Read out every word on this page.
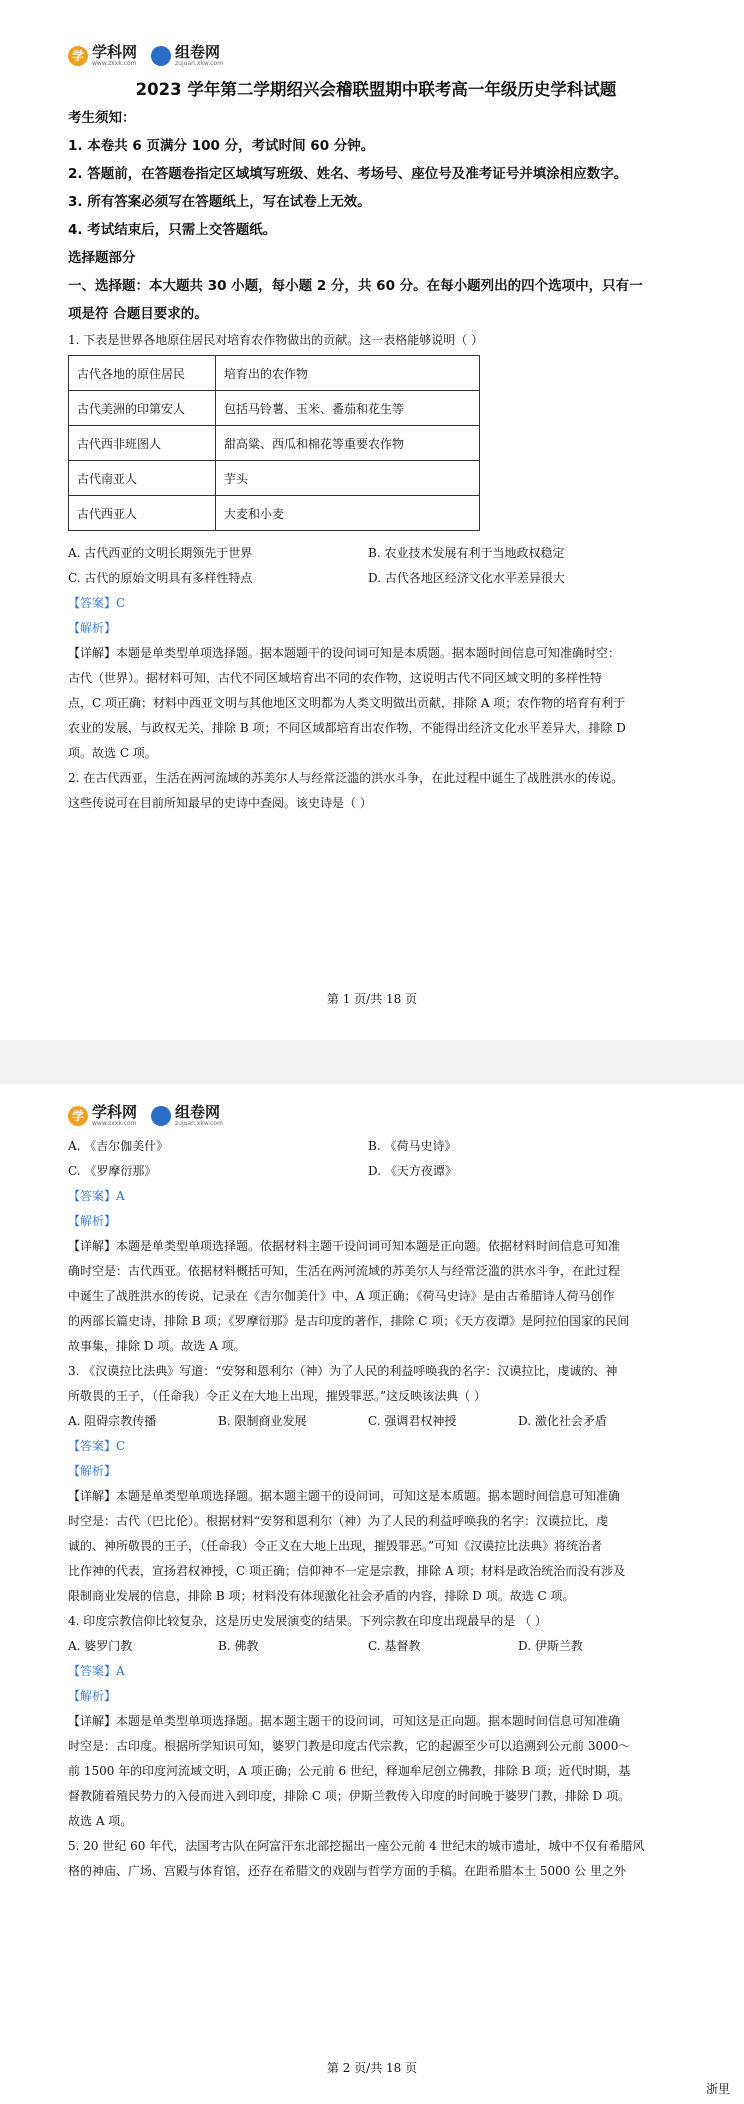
学 学科网
www.zxxk.com
组 组卷网
zujuan.xkw.com

2023 学年第二学期绍兴会稽联盟期中联考高一年级历史学科试题

考生须知：

1. 本卷共 6 页满分 100 分，考试时间 60 分钟。

2. 答题前，在答题卷指定区域填写班级、姓名、考场号、座位号及准考证号并填涂相应数字。

3. 所有答案必须写在答题纸上，写在试卷上无效。

4. 考试结束后，只需上交答题纸。

选择题部分

一、选择题：本大题共 30 小题，每小题 2 分，共 60 分。在每小题列出的四个选项中，只有一

项是符 合题目要求的。

1. 下表是世界各地原住居民对培育农作物做出的贡献。这一表格能够说明（ ）

古代各地的原住居民	培育出的农作物
古代美洲的印第安人	包括马铃薯、玉米、番茄和花生等
古代西非班图人	甜高粱、西瓜和棉花等重要农作物
古代南亚人	芋头
古代西亚人	大麦和小麦
A. 古代西亚的文明长期领先于世界	B. 农业技术发展有利于当地政权稳定
C. 古代的原始文明具有多样性特点	D. 古代各地区经济文化水平差异很大

【答案】C

【解析】

【详解】本题是单类型单项选择题。据本题题干的设问词可知是本质题。据本题时间信息可知准确时空：

古代（世界）。据材料可知，古代不同区域培育出不同的农作物，这说明古代不同区域文明的多样性特

点，C 项正确；材料中西亚文明与其他地区文明都为人类文明做出贡献，排除 A 项；农作物的培育有利于

农业的发展，与政权无关，排除 B 项；不同区域都培育出农作物，不能得出经济文化水平差异大，排除 D

项。故选 C 项。

2. 在古代西亚，生活在两河流域的苏美尔人与经常泛滥的洪水斗争，在此过程中诞生了战胜洪水的传说。

这些传说可在目前所知最早的史诗中查阅。该史诗是（ ）

第 1 页/共 18 页
学 学科网
www.zxxk.com
组 组卷网
zujuan.xkw.com
A. 《吉尔伽美什》	B. 《荷马史诗》
C. 《罗摩衍那》	D. 《天方夜谭》

【答案】A

【解析】

【详解】本题是单类型单项选择题。依据材料主题干设问词可知本题是正向题。依据材料时间信息可知准

确时空是：古代西亚。依据材料概括可知，生活在两河流域的苏美尔人与经常泛滥的洪水斗争，在此过程

中诞生了战胜洪水的传说，记录在《吉尔伽美什》中，A 项正确；《荷马史诗》是由古希腊诗人荷马创作

的两部长篇史诗，排除 B 项；《罗摩衍那》是古印度的著作，排除 C 项；《天方夜谭》是阿拉伯国家的民间

故事集，排除 D 项。故选 A 项。

3. 《汉谟拉比法典》写道：“安努和恩利尔（神）为了人民的利益呼唤我的名字：汉谟拉比，虔诚的、神

所敬畏的王子，（任命我）令正义在大地上出现，摧毁罪恶。”这反映该法典（ ）

A. 阻碍宗教传播	B. 限制商业发展	C. 强调君权神授	D. 激化社会矛盾

【答案】C

【解析】

【详解】本题是单类型单项选择题。据本题主题干的设问词，可知这是本质题。据本题时间信息可知准确

时空是：古代（巴比伦）。根据材料“安努和恩利尔（神）为了人民的利益呼唤我的名字：汉谟拉比，虔

诚的、神所敬畏的王子，（任命我）令正义在大地上出现，摧毁罪恶。”可知《汉谟拉比法典》将统治者

比作神的代表，宣扬君权神授，C 项正确；信仰神不一定是宗教，排除 A 项；材料是政治统治而没有涉及

限制商业发展的信息，排除 B 项；材料没有体现激化社会矛盾的内容，排除 D 项。故选 C 项。

4. 印度宗教信仰比较复杂，这是历史发展演变的结果。下列宗教在印度出现最早的是 （ ）

A. 婆罗门教	B. 佛教	C. 基督教	D. 伊斯兰教

【答案】A

【解析】

【详解】本题是单类型单项选择题。据本题主题干的设问词，可知这是正向题。据本题时间信息可知准确

时空是：古印度。根据所学知识可知，婆罗门教是印度古代宗教，它的起源至少可以追溯到公元前 3000～

前 1500 年的印度河流域文明，A 项正确；公元前 6 世纪，释迦牟尼创立佛教，排除 B 项；近代时期，基

督教随着殖民势力的入侵而进入到印度，排除 C 项；伊斯兰教传入印度的时间晚于婆罗门教，排除 D 项。

故选 A 项。

5. 20 世纪 60 年代，法国考古队在阿富汗东北部挖掘出一座公元前 4 世纪末的城市遗址，城中不仅有希腊风

格的神庙、广场、宫殿与体育馆，还存在希腊文的戏剧与哲学方面的手稿。在距希腊本土 5000 公 里之外

第 2 页/共 18 页
浙里
